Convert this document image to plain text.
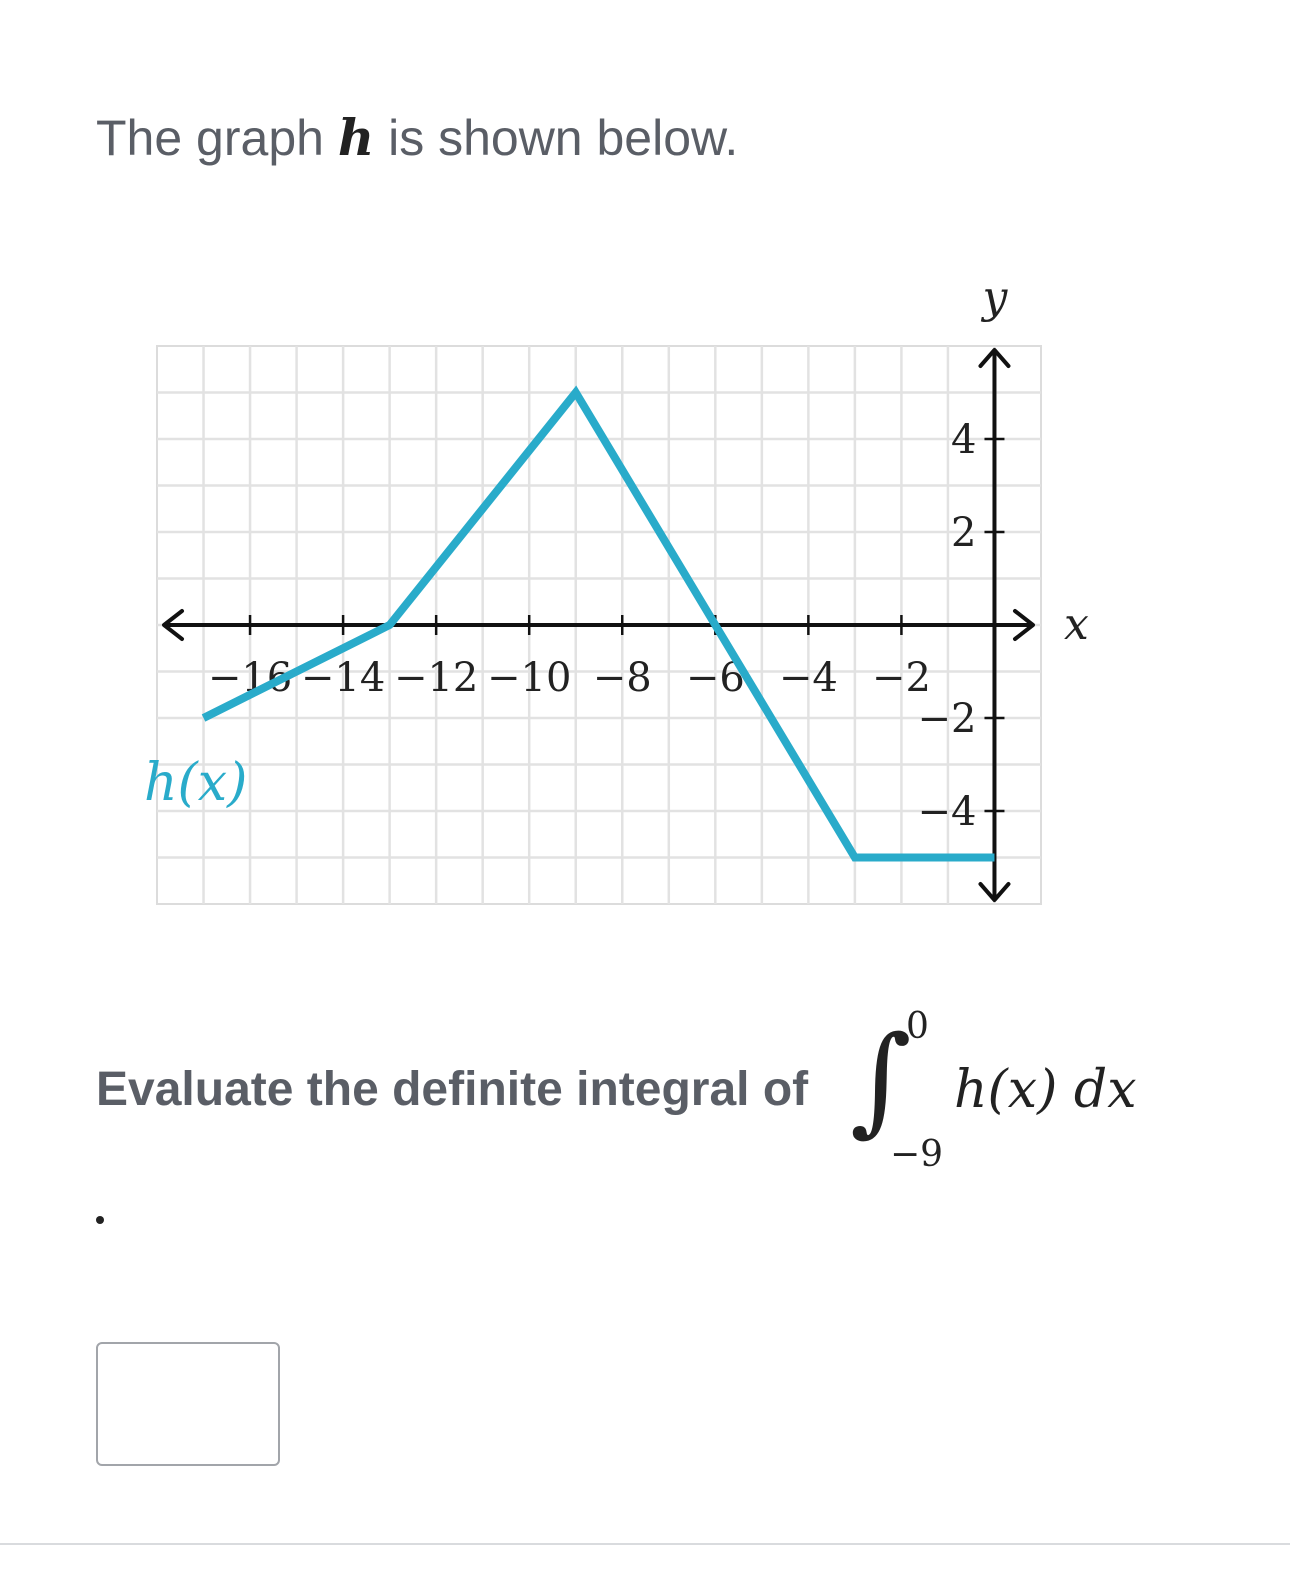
The graph h is shown below.
−16 −14 −12 −10 −8 −6 −4 −2
4
2
−2
−4
x
y
h(x)
Evaluate the definite integral of ∫
0
−9
h(x) dx
